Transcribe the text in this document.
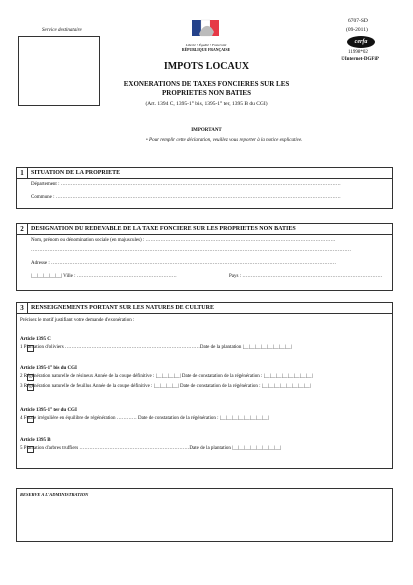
Service destinataire
Liberté • Égalité • Fraternité
RÉPUBLIQUE FRANÇAISE
6707-SD
(09-2011)
cerfa
11998*02
©Internet-DGFiP
IMPOTS LOCAUX
EXONERATIONS DE TAXES FONCIERES SUR LES
PROPRIETES NON BATIES
(Art. 1394 C, 1395-1° bis, 1395-1° ter, 1395 B du CGI)
IMPORTANT
• Pour remplir cette déclaration, veuillez vous reporter à la notice explicative.
1	SITUATION DE LA PROPRIETE
Département : ……………………………………………………………………………………………………………………………………………………
Commune : ………………………………………………………………………………………………………………………………………………………
2	DESIGNATION DU REDEVABLE DE LA TAXE FONCIERE SUR LES PROPRIETES NON BATIES
Nom, prénom ou dénomination sociale (en majuscules) : ……………………………………………………………………………………………………
…………………………………………………………………………………………………………………………………………………………………………
Adresse : ………………………………………………………………………………………………………………………………………………………
|__|__|__|__|__| Ville : ……………………………………………………	Pays : …………………………………………………………………………
3	RENSEIGNEMENTS PORTANT SUR LES NATURES DE CULTURE
Précisez le motif justifiant votre demande d'exonération :
Article 1395 C
1 Plantation d'oliviers ………………………………………………………………………Date de la plantation |__|__|__|__|__|__|__|__|
Article 1395-1° bis du CGI
2 Régénération naturelle de résineux Année de la coupe définitive : |__|__|__|__| Date de constatation de la régénération : |__|__|__|__|__|__|__|__|
3 Régénération naturelle de feuillus Année de la coupe définitive : |__|__|__|__| Date de constatation de la régénération : |__|__|__|__|__|__|__|__|
Article 1395-1° ter du CGI
4 Futaie irrégulière en équilibre de régénération ………… Date de constatation de la régénération : |__|__|__|__|__|__|__|__|
Article 1395 B
5 Plantation d'arbres truffiers …………………………………………………………Date de la plantation |__|__|__|__|__|__|__|__|
RESERVE A L'ADMINISTRATION
